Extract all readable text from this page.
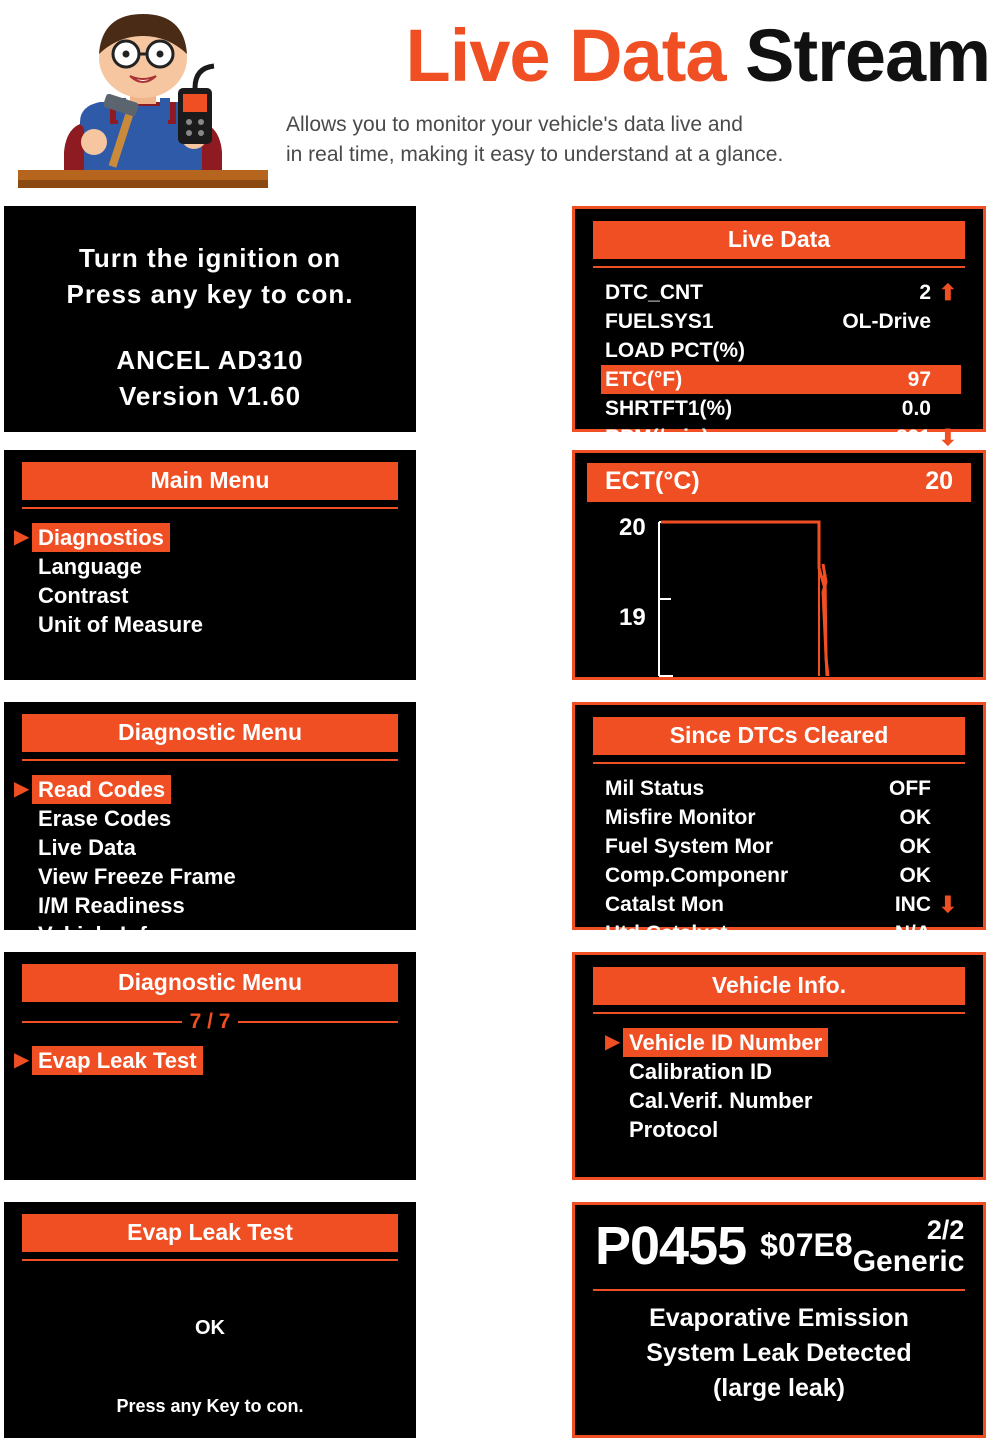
Live Data Stream
Allows you to monitor your vehicle's data live and
in real time, making it easy to understand at a glance.
Turn the ignition on
Press any key to con.
ANCEL AD310
Version V1.60
Main Menu
▶ Diagnostios
Language
Contrast
Unit of Measure
Diagnostic Menu
▶ Read Codes
Erase Codes
Live Data
View Freeze Frame
I/M Readiness
Vehicle Info.
Diagnostic Menu
7 / 7
▶ Evap Leak Test
Evap Leak Test
OK
Press any Key to con.
Live Data
DTC_CNT	2 ⬆
FUELSYS1	OL-Drive
LOAD PCT(%)
ETC(°F)	97
SHRTFT1(%)	0.0
RPM(/min)	891 ⬇
ECT(°C)	20
20
19
Since DTCs Cleared
Mil Status	OFF
Misfire Monitor	OK
Fuel System Mor	OK
Comp.Componenr	OK
Catalst Mon	INC ⬇
Htd Catalyst	N/A
Vehicle Info.
▶ Vehicle ID Number
Calibration ID
Cal.Verif. Number
Protocol
P0455 $07E8	2/2
Generic
Evaporative Emission
System Leak Detected
(large leak)
